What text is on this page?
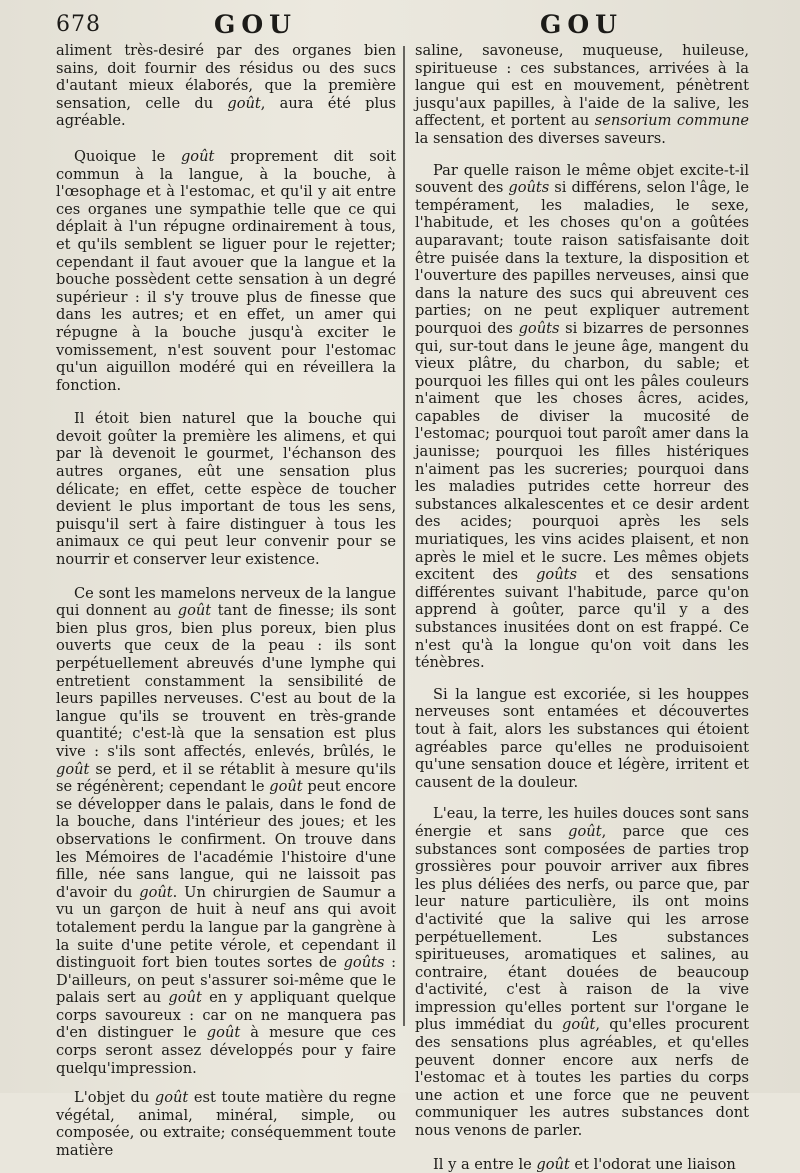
678	GOU	GOU

aliment très-desiré par des organes bien sains, doit fournir des résidus ou des sucs d'autant mieux élaborés, que la première sensation, celle du goût, aura été plus agréable.

Quoique le goût proprement dit soit commun à la langue, à la bouche, à l'œsophage et à l'estomac, et qu'il y ait entre ces organes une sympathie telle que ce qui déplait à l'un répugne ordinairement à tous, et qu'ils semblent se liguer pour le rejetter; cependant il faut avouer que la langue et la bouche possèdent cette sensation à un degré supérieur : il s'y trouve plus de finesse que dans les autres; et en effet, un amer qui répugne à la bouche jusqu'à exciter le vomissement, n'est souvent pour l'estomac qu'un aiguillon modéré qui en réveillera la fonction.

Il étoit bien naturel que la bouche qui devoit goûter la première les alimens, et qui par là devenoit le gourmet, l'échanson des autres organes, eût une sensation plus délicate; en effet, cette espèce de toucher devient le plus important de tous les sens, puisqu'il sert à faire distinguer à tous les animaux ce qui peut leur convenir pour se nourrir et conserver leur existence.

Ce sont les mamelons nerveux de la langue qui donnent au goût tant de finesse; ils sont bien plus gros, bien plus poreux, bien plus ouverts que ceux de la peau : ils sont perpétuellement abreuvés d'une lymphe qui entretient constamment la sensibilité de leurs papilles nerveuses. C'est au bout de la langue qu'ils se trouvent en très-grande quantité; c'est-là que la sensation est plus vive : s'ils sont affectés, enlevés, brûlés, le goût se perd, et il se rétablit à mesure qu'ils se régénèrent; cependant le goût peut encore se développer dans le palais, dans le fond de la bouche, dans l'intérieur des joues; et les observations le confirment. On trouve dans les Mémoires de l'académie l'histoire d'une fille, née sans langue, qui ne laissoit pas d'avoir du goût. Un chirurgien de Saumur a vu un garçon de huit à neuf ans qui avoit totalement perdu la langue par la gangrène à la suite d'une petite vérole, et cependant il distinguoit fort bien toutes sortes de goûts : D'ailleurs, on peut s'assurer soi-même que le palais sert au goût en y appliquant quelque corps savoureux : car on ne manquera pas d'en distinguer le goût à mesure que ces corps seront assez développés pour y faire quelqu'impression.

L'objet du goût est toute matière du regne végétal, animal, minéral, simple, ou composée, ou extraite; conséquemment toute matière

saline, savoneuse, muqueuse, huileuse, spiritueuse : ces substances, arrivées à la langue qui est en mouvement, pénètrent jusqu'aux papilles, à l'aide de la salive, les affectent, et portent au sensorium commune la sensation des diverses saveurs.

Par quelle raison le même objet excite-t-il souvent des goûts si différens, selon l'âge, le tempérament, les maladies, le sexe, l'habitude, et les choses qu'on a goûtées auparavant; toute raison satisfaisante doit être puisée dans la texture, la disposition et l'ouverture des papilles nerveuses, ainsi que dans la nature des sucs qui abreuvent ces parties; on ne peut expliquer autrement pourquoi des goûts si bizarres de personnes qui, sur-tout dans le jeune âge, mangent du vieux plâtre, du charbon, du sable; et pourquoi les filles qui ont les pâles couleurs n'aiment que les choses âcres, acides, capables de diviser la mucosité de l'estomac; pourquoi tout paroît amer dans la jaunisse; pourquoi les filles histériques n'aiment pas les sucreries; pourquoi dans les maladies putrides cette horreur des substances alkalescentes et ce desir ardent des acides; pourquoi après les sels muriatiques, les vins acides plaisent, et non après le miel et le sucre. Les mêmes objets excitent des goûts et des sensations différentes suivant l'habitude, parce qu'on apprend à goûter, parce qu'il y a des substances inusitées dont on est frappé. Ce n'est qu'à la longue qu'on voit dans les ténèbres.

Si la langue est excoriée, si les houppes nerveuses sont entamées et découvertes tout à fait, alors les substances qui étoient agréables parce qu'elles ne produisoient qu'une sensation douce et légère, irritent et causent de la douleur.

L'eau, la terre, les huiles douces sont sans énergie et sans goût, parce que ces substances sont composées de parties trop grossières pour pouvoir arriver aux fibres les plus déliées des nerfs, ou parce que, par leur nature particulière, ils ont moins d'activité que la salive qui les arrose perpétuellement. Les substances spiritueuses, aromatiques et salines, au contraire, étant douées de beaucoup d'activité, c'est à raison de la vive impression qu'elles portent sur l'organe le plus immédiat du goût, qu'elles procurent des sensations plus agréables, et qu'elles peuvent donner encore aux nerfs de l'estomac et à toutes les parties du corps une action et une force que ne peuvent communiquer les autres substances dont nous venons de parler.

Il y a entre le goût et l'odorat une liaison
